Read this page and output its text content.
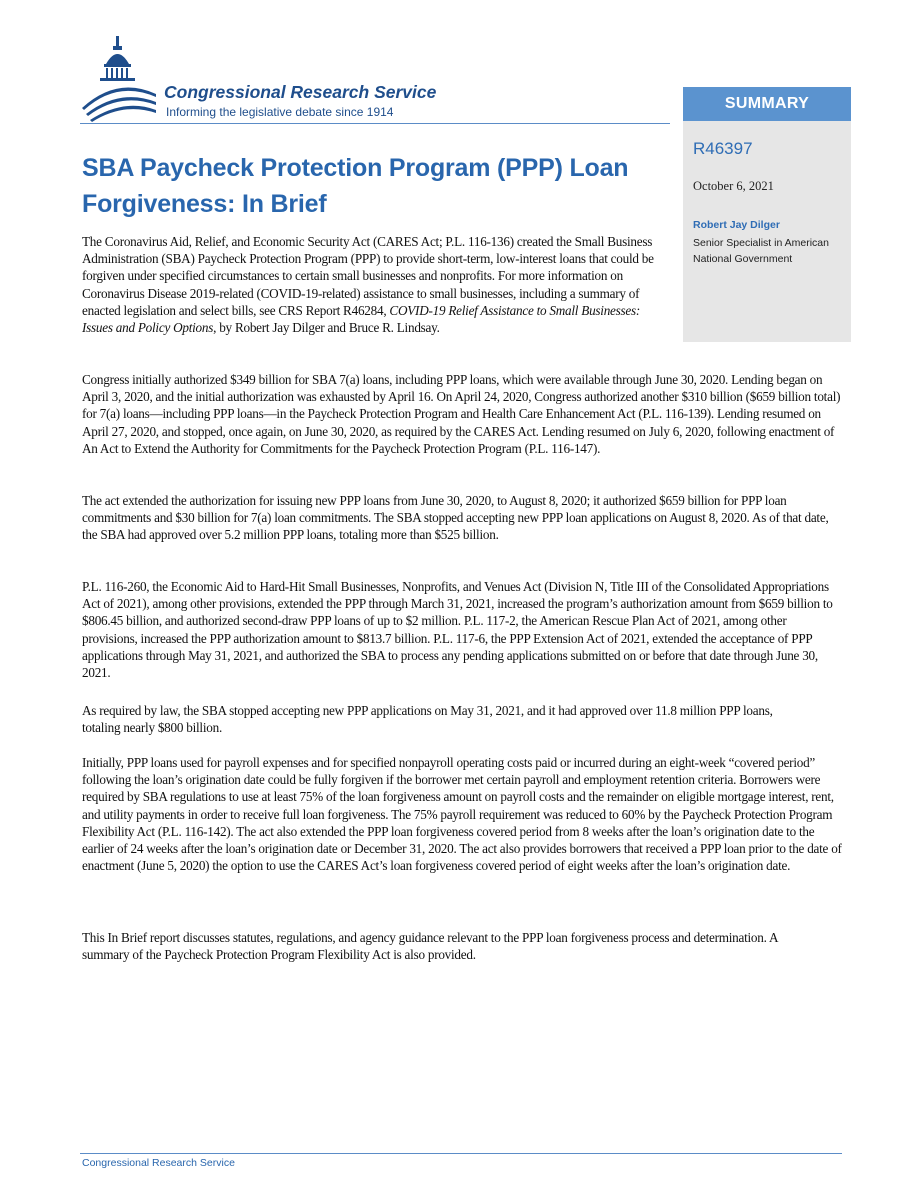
Congressional Research Service
Informing the legislative debate since 1914	SUMMARY
R46397
October 6, 2021
Robert Jay Dilger
Senior Specialist in American National Government
SBA Paycheck Protection Program (PPP) Loan Forgiveness: In Brief

The Coronavirus Aid, Relief, and Economic Security Act (CARES Act; P.L. 116-136) created the Small Business Administration (SBA) Paycheck Protection Program (PPP) to provide short-term, low-interest loans that could be forgiven under specified circumstances to certain small businesses and nonprofits. For more information on Coronavirus Disease 2019-related (COVID-19-related) assistance to small businesses, including a summary of enacted legislation and select bills, see CRS Report R46284, COVID-19 Relief Assistance to Small Businesses: Issues and Policy Options, by Robert Jay Dilger and Bruce R. Lindsay.

Congress initially authorized $349 billion for SBA 7(a) loans, including PPP loans, which were available through June 30, 2020. Lending began on April 3, 2020, and the initial authorization was exhausted by April 16. On April 24, 2020, Congress authorized another $310 billion ($659 billion total) for 7(a) loans—including PPP loans—in the Paycheck Protection Program and Health Care Enhancement Act (P.L. 116-139). Lending resumed on April 27, 2020, and stopped, once again, on June 30, 2020, as required by the CARES Act. Lending resumed on July 6, 2020, following enactment of An Act to Extend the Authority for Commitments for the Paycheck Protection Program (P.L. 116-147).

The act extended the authorization for issuing new PPP loans from June 30, 2020, to August 8, 2020; it authorized $659 billion for PPP loan commitments and $30 billion for 7(a) loan commitments. The SBA stopped accepting new PPP loan applications on August 8, 2020. As of that date, the SBA had approved over 5.2 million PPP loans, totaling more than $525 billion.

P.L. 116-260, the Economic Aid to Hard-Hit Small Businesses, Nonprofits, and Venues Act (Division N, Title III of the Consolidated Appropriations Act of 2021), among other provisions, extended the PPP through March 31, 2021, increased the program’s authorization amount from $659 billion to $806.45 billion, and authorized second-draw PPP loans of up to $2 million. P.L. 117-2, the American Rescue Plan Act of 2021, among other provisions, increased the PPP authorization amount to $813.7 billion. P.L. 117-6, the PPP Extension Act of 2021, extended the acceptance of PPP applications through May 31, 2021, and authorized the SBA to process any pending applications submitted on or before that date through June 30, 2021.

As required by law, the SBA stopped accepting new PPP applications on May 31, 2021, and it had approved over 11.8 million PPP loans, totaling nearly $800 billion.

Initially, PPP loans used for payroll expenses and for specified nonpayroll operating costs paid or incurred during an eight-week “covered period” following the loan’s origination date could be fully forgiven if the borrower met certain payroll and employment retention criteria. Borrowers were required by SBA regulations to use at least 75% of the loan forgiveness amount on payroll costs and the remainder on eligible mortgage interest, rent, and utility payments in order to receive full loan forgiveness. The 75% payroll requirement was reduced to 60% by the Paycheck Protection Program Flexibility Act (P.L. 116-142). The act also extended the PPP loan forgiveness covered period from 8 weeks after the loan’s origination date to the earlier of 24 weeks after the loan’s origination date or December 31, 2020. The act also provides borrowers that received a PPP loan prior to the date of enactment (June 5, 2020) the option to use the CARES Act’s loan forgiveness covered period of eight weeks after the loan’s origination date.

This In Brief report discusses statutes, regulations, and agency guidance relevant to the PPP loan forgiveness process and determination. A summary of the Paycheck Protection Program Flexibility Act is also provided.

Congressional Research Service
